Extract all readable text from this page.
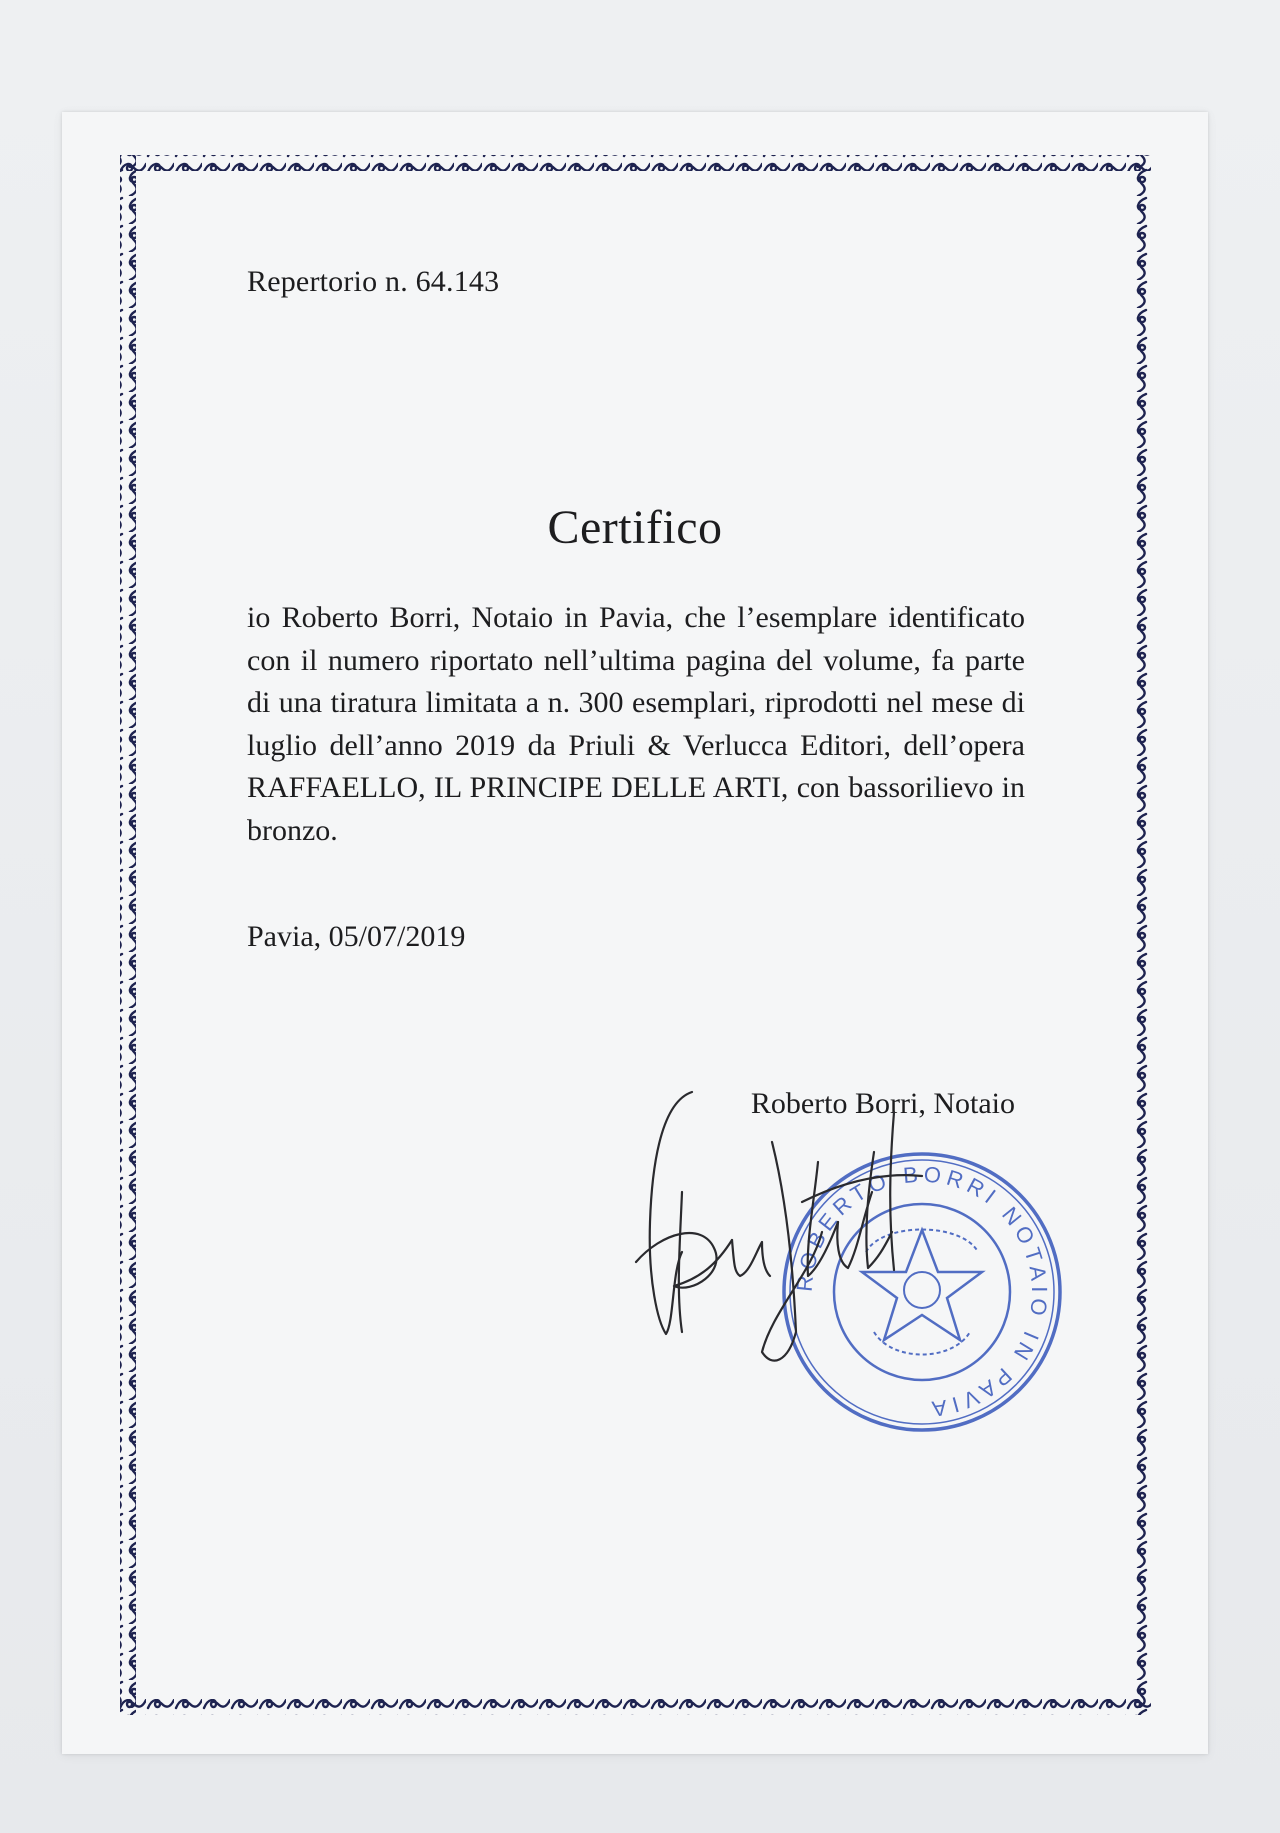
Repertorio n. 64.143

Certifico

io Roberto Borri, Notaio in Pavia, che l’esemplare identificato con il numero riportato nell’ultima pagina del volume, fa parte di una tiratura limitata a n. 300 esemplari, riprodotti nel mese di luglio dell’anno 2019 da Priuli & Verlucca Editori, dell’opera RAFFAELLO, IL PRINCIPE DELLE ARTI, con bassorilievo in bronzo.

Pavia, 05/07/2019

Roberto Borri, Notaio

ROBERTO BORRI NOTAIO IN PAVIA
